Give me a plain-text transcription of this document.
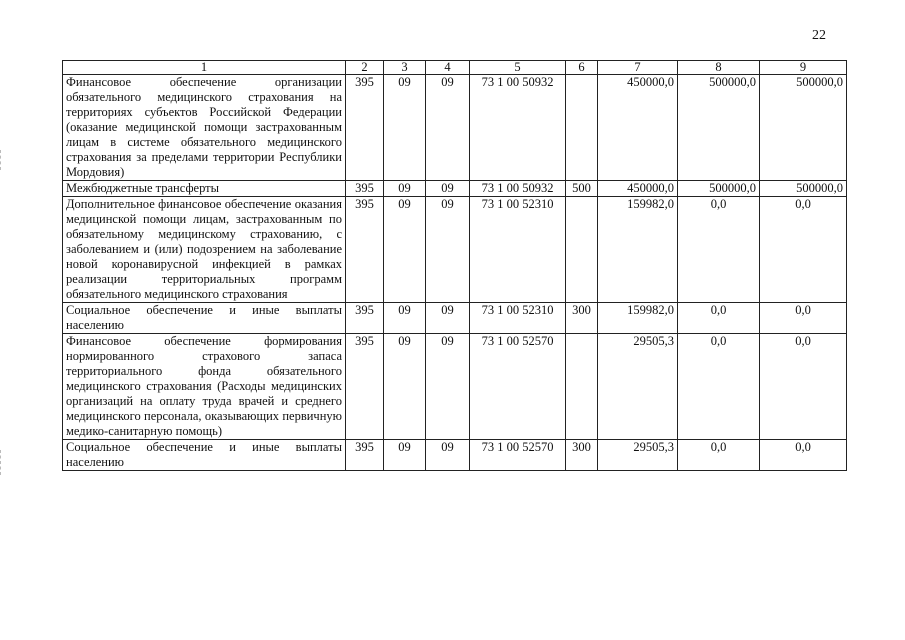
22
1	2	3	4	5	6	7	8	9
Финансовое обеспечение организации обязательного медицинского страхования на территориях субъектов Российской Федерации (оказание медицинской помощи застрахованным лицам в системе обязательного медицинского страхования за пределами территории Республики Мордовия)	395	09	09	73 1 00 50932		450000,0	500000,0	500000,0
Межбюджетные трансферты	395	09	09	73 1 00 50932	500	450000,0	500000,0	500000,0
Дополнительное финансовое обеспечение оказания медицинской помощи лицам, застрахованным по обязательному медицинскому страхованию, с заболеванием и (или) подозрением на заболевание новой коронавирусной инфекцией в рамках реализации территориальных программ обязательного медицинского страхования	395	09	09	73 1 00 52310		159982,0	0,0	0,0
Социальное обеспечение и иные выплаты населению	395	09	09	73 1 00 52310	300	159982,0	0,0	0,0
Финансовое обеспечение формирования нормированного страхового запаса территориального фонда обязательного медицинского страхования (Расходы медицинских организаций на оплату труда врачей и среднего медицинского персонала, оказывающих первичную медико-санитарную помощь)	395	09	09	73 1 00 52570		29505,3	0,0	0,0
Социальное обеспечение и иные выплаты населению	395	09	09	73 1 00 52570	300	29505,3	0,0	0,0
